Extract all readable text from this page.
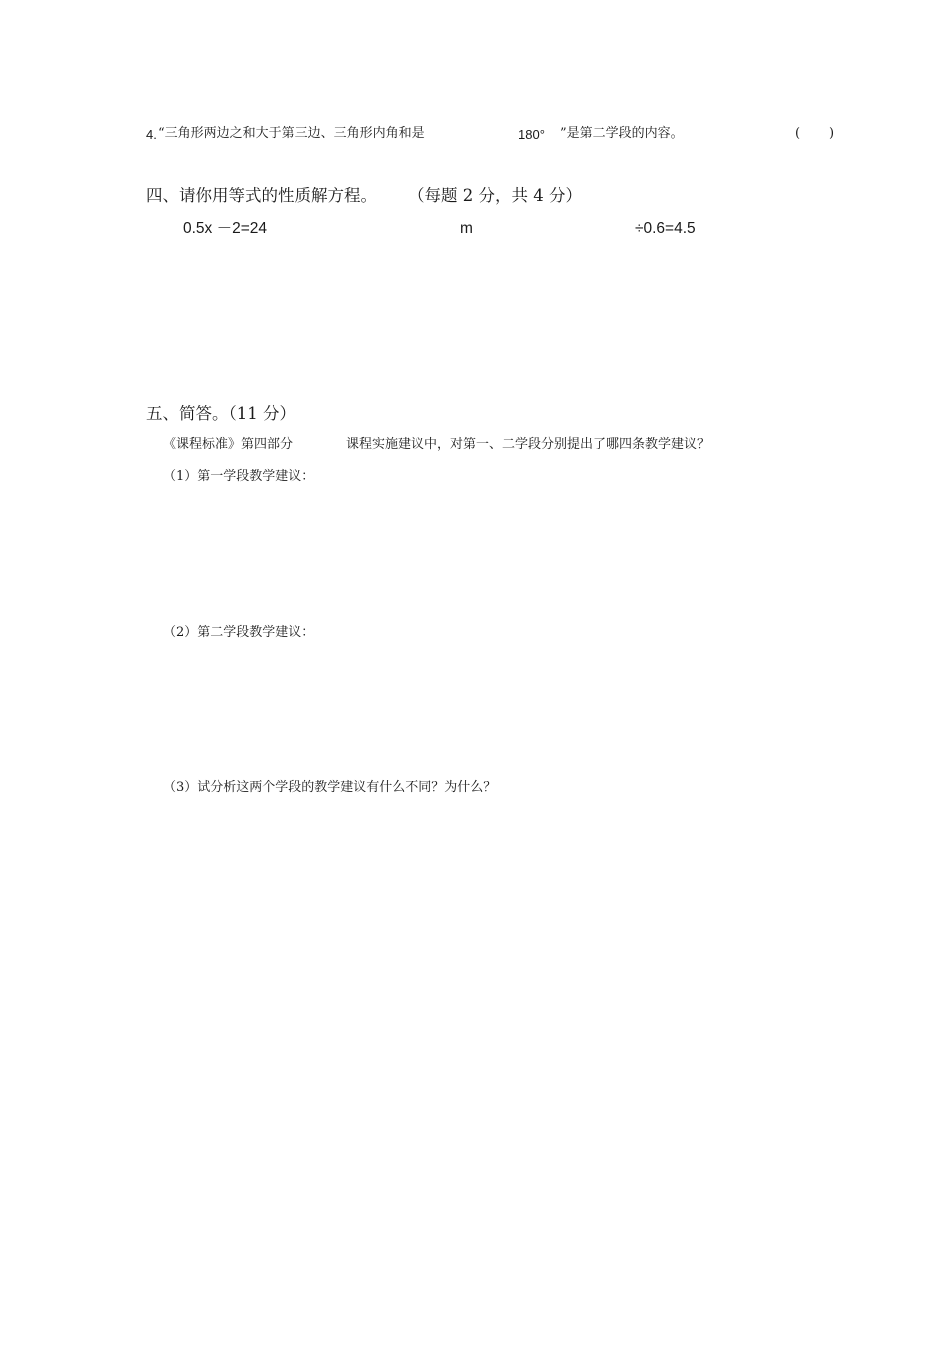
4. “三角形两边之和大于第三边、三角形内角和是	180° ”是第二学段的内容。	( )
四、请你用等式的性质解方程。 （每题 2 分，共 4 分）
0.5x －2=24	m	÷0.6=4.5
五、简答。（11 分）
《课程标准》第四部分	课程实施建议中，对第一、二学段分别提出了哪四条教学建议？
（1）第一学段教学建议：
（2）第二学段教学建议：
（3）试分析这两个学段的教学建议有什么不同？为什么？
